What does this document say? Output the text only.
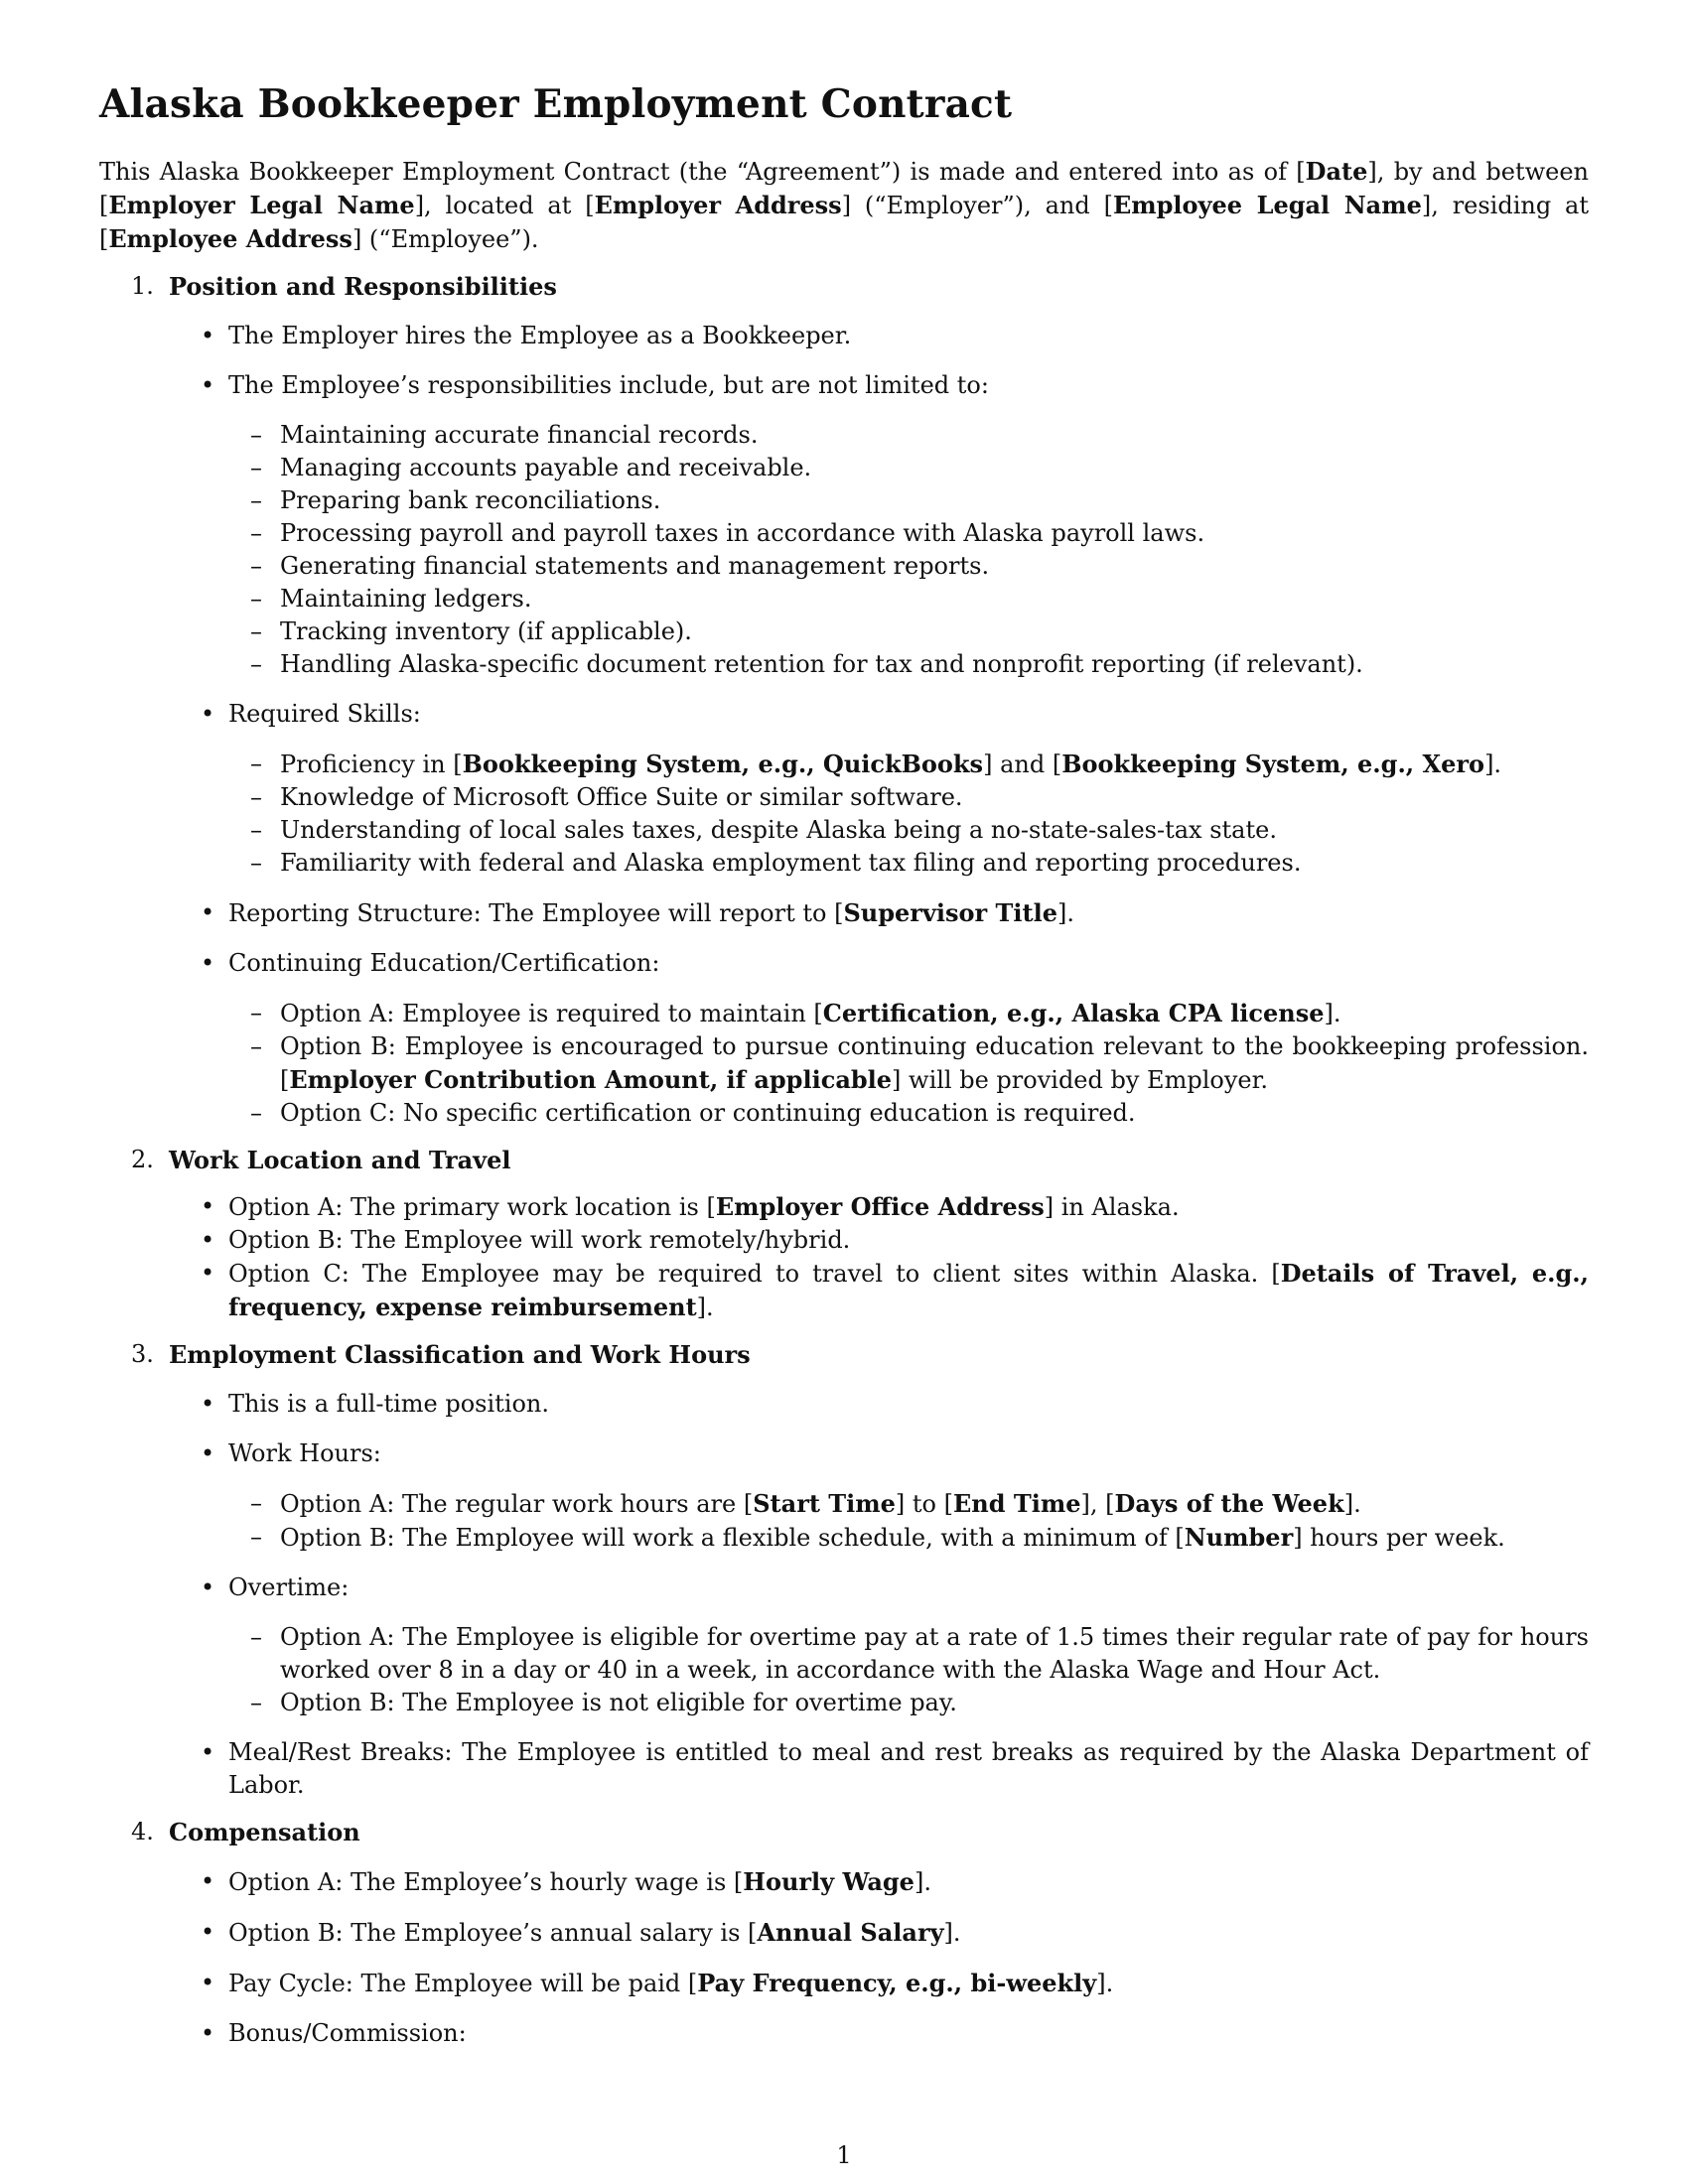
Alaska Bookkeeper Employment Contract

This Alaska Bookkeeper Employment Contract (the “Agreement”) is made and entered into as of [Date], by and between [Employer Legal Name], located at [Employer Address] (“Employer”), and [Employee Legal Name], residing at [Employee Address] (“Employee”).

1. Position and Responsibilities
• The Employer hires the Employee as a Bookkeeper.
• The Employee’s responsibilities include, but are not limited to:
– Maintaining accurate financial records.
– Managing accounts payable and receivable.
– Preparing bank reconciliations.
– Processing payroll and payroll taxes in accordance with Alaska payroll laws.
– Generating financial statements and management reports.
– Maintaining ledgers.
– Tracking inventory (if applicable).
– Handling Alaska-specific document retention for tax and nonprofit reporting (if relevant).
• Required Skills:
– Proficiency in [Bookkeeping System, e.g., QuickBooks] and [Bookkeeping System, e.g., Xero].
– Knowledge of Microsoft Office Suite or similar software.
– Understanding of local sales taxes, despite Alaska being a no-state-sales-tax state.
– Familiarity with federal and Alaska employment tax filing and reporting procedures.
• Reporting Structure: The Employee will report to [Supervisor Title].
• Continuing Education/Certification:
– Option A: Employee is required to maintain [Certification, e.g., Alaska CPA license].
– Option B: Employee is encouraged to pursue continuing education relevant to the bookkeeping profession. [Employer Contribution Amount, if applicable] will be provided by Employer.
– Option C: No specific certification or continuing education is required.
2. Work Location and Travel
• Option A: The primary work location is [Employer Office Address] in Alaska.
• Option B: The Employee will work remotely/hybrid.
• Option C: The Employee may be required to travel to client sites within Alaska. [Details of Travel, e.g., frequency, expense reimbursement].
3. Employment Classification and Work Hours
• This is a full-time position.
• Work Hours:
– Option A: The regular work hours are [Start Time] to [End Time], [Days of the Week].
– Option B: The Employee will work a flexible schedule, with a minimum of [Number] hours per week.
• Overtime:
– Option A: The Employee is eligible for overtime pay at a rate of 1.5 times their regular rate of pay for hours worked over 8 in a day or 40 in a week, in accordance with the Alaska Wage and Hour Act.
– Option B: The Employee is not eligible for overtime pay.
• Meal/Rest Breaks: The Employee is entitled to meal and rest breaks as required by the Alaska Department of Labor.
4. Compensation
• Option A: The Employee’s hourly wage is [Hourly Wage].
• Option B: The Employee’s annual salary is [Annual Salary].
• Pay Cycle: The Employee will be paid [Pay Frequency, e.g., bi-weekly].
• Bonus/Commission:
1
